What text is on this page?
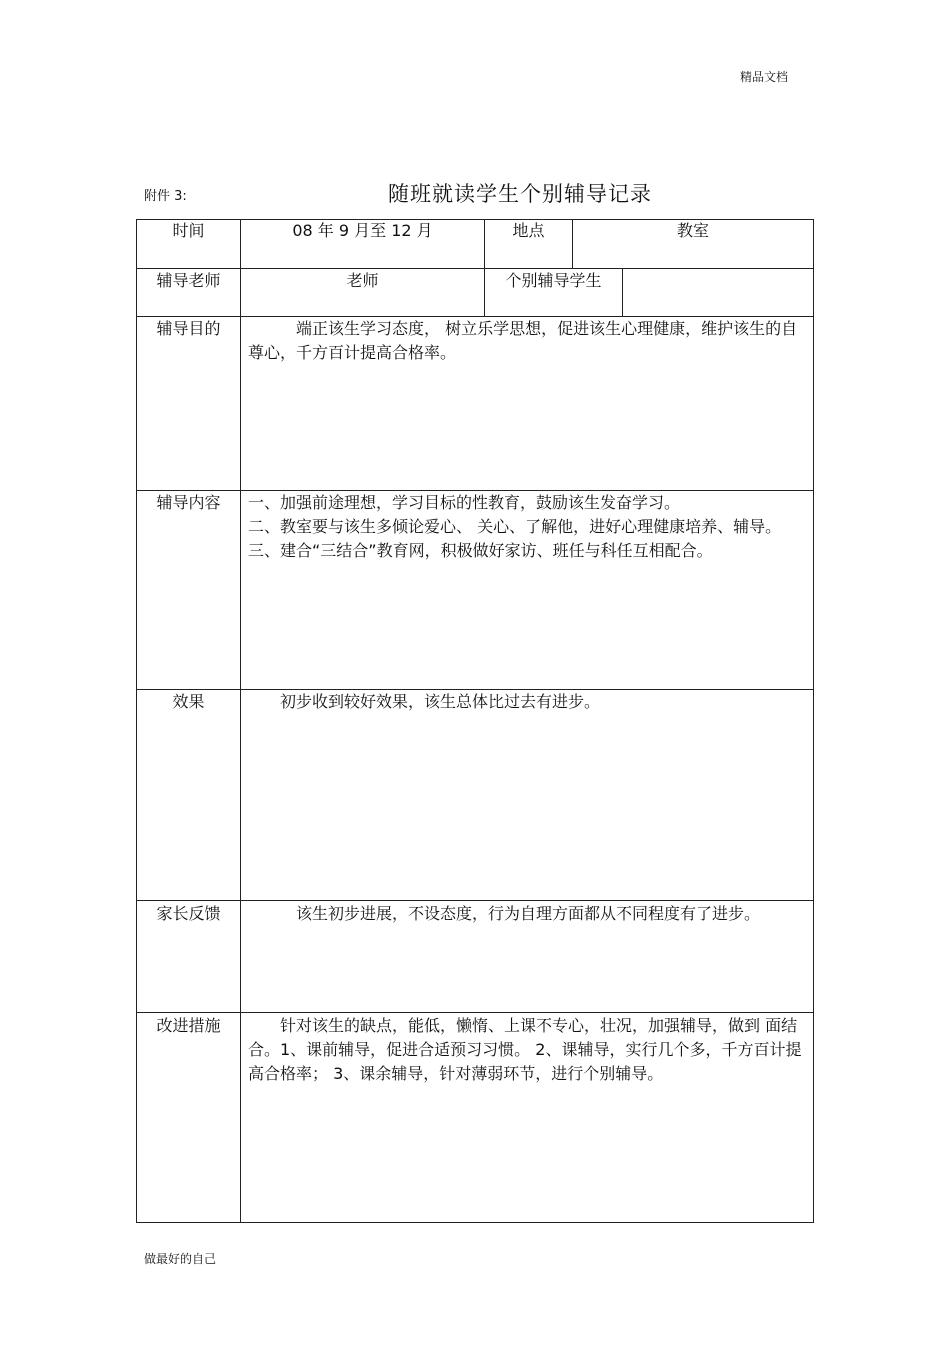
精品文档
附件 3:	随班就读学生个别辅导记录
时间	08 年 9 月至 12 月	地点	教室
辅导老师	老师	个别辅导学生
辅导目的	端正该生学习态度， 树立乐学思想，促进该生心理健康，维护该生的自尊心，千方百计提高合格率。

辅导内容	一、加强前途理想，学习目标的性教育，鼓励该生发奋学习。

二、教室要与该生多倾论爱心、 关心、了解他，进好心理健康培养、辅导。

三、建合“三结合”教育网，积极做好家访、班任与科任互相配合。

效果	初步收到较好效果，该生总体比过去有进步。

家长反馈	该生初步进展，不设态度，行为自理方面都从不同程度有了进步。

改进措施	针对该生的缺点，能低，懒惰、上课不专心，壮况，加强辅导，做到 面结合。1、课前辅导，促进合适预习习惯。 2、课辅导，实行几个多，千方百计提高合格率； 3、课余辅导，针对薄弱环节，进行个别辅导。

做最好的自己
